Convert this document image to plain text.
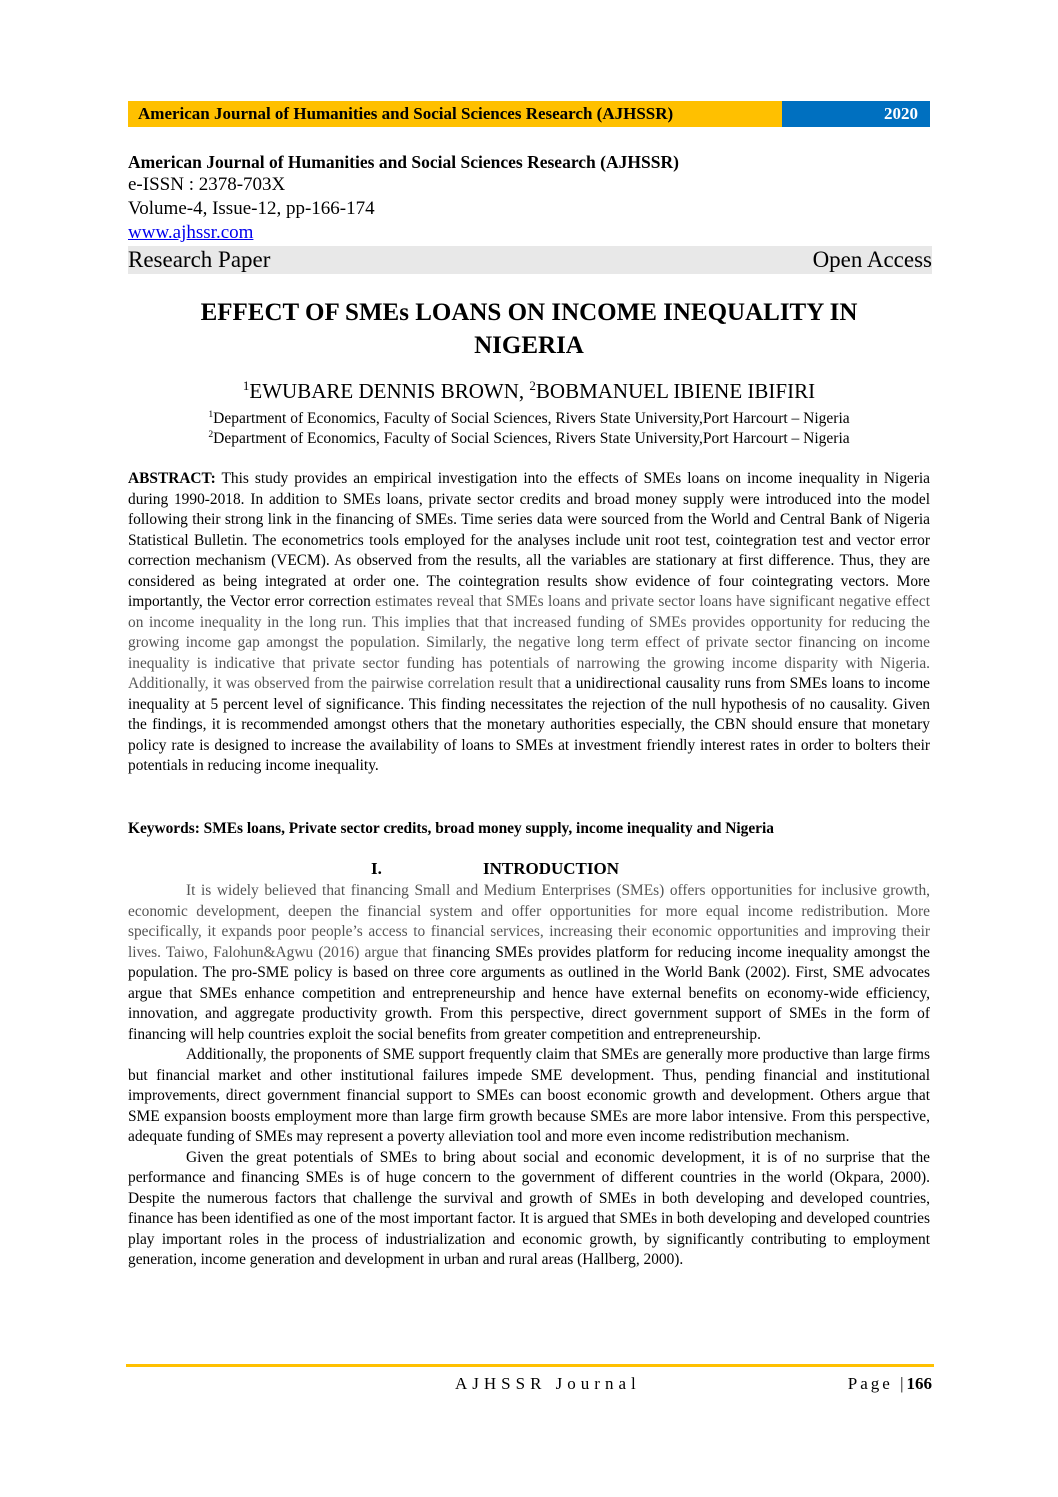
American Journal of Humanities and Social Sciences Research (AJHSSR)	2020
American Journal of Humanities and Social Sciences Research (AJHSSR)
e-ISSN : 2378-703X
Volume-4, Issue-12, pp-166-174
www.ajhssr.com
Research Paper	Open Access
EFFECT OF SMEs LOANS ON INCOME INEQUALITY IN
NIGERIA
$^1$EWUBARE DENNIS BROWN, $^2$BOBMANUEL IBIENE IBIFIRI
$^1$Department of Economics, Faculty of Social Sciences, Rivers State University,Port Harcourt – Nigeria
$^2$Department of Economics, Faculty of Social Sciences, Rivers State University,Port Harcourt – Nigeria
ABSTRACT: This study provides an empirical investigation into the effects of SMEs loans on income inequality in Nigeria during 1990-2018. In addition to SMEs loans, private sector credits and broad money supply were introduced into the model following their strong link in the financing of SMEs. Time series data were sourced from the World and Central Bank of Nigeria Statistical Bulletin. The econometrics tools employed for the analyses include unit root test, cointegration test and vector error correction mechanism (VECM). As observed from the results, all the variables are stationary at first difference. Thus, they are considered as being integrated at order one. The cointegration results show evidence of four cointegrating vectors. More importantly, the Vector error correction estimates reveal that SMEs loans and private sector loans have significant negative effect on income inequality in the long run. This implies that that increased funding of SMEs provides opportunity for reducing the growing income gap amongst the population. Similarly, the negative long term effect of private sector financing on income inequality is indicative that private sector funding has potentials of narrowing the growing income disparity with Nigeria. Additionally, it was observed from the pairwise correlation result that a unidirectional causality runs from SMEs loans to income inequality at 5 percent level of significance. This finding necessitates the rejection of the null hypothesis of no causality. Given the findings, it is recommended amongst others that the monetary authorities especially, the CBN should ensure that monetary policy rate is designed to increase the availability of loans to SMEs at investment friendly interest rates in order to bolters their potentials in reducing income inequality.
Keywords: SMEs loans, Private sector credits, broad money supply, income inequality and Nigeria
I.	INTRODUCTION

It is widely believed that financing Small and Medium Enterprises (SMEs) offers opportunities for inclusive growth, economic development, deepen the financial system and offer opportunities for more equal income redistribution. More specifically, it expands poor people’s access to financial services, increasing their economic opportunities and improving their lives. Taiwo, Falohun&Agwu (2016) argue that financing SMEs provides platform for reducing income inequality amongst the population. The pro-SME policy is based on three core arguments as outlined in the World Bank (2002). First, SME advocates argue that SMEs enhance competition and entrepreneurship and hence have external benefits on economy-wide efficiency, innovation, and aggregate productivity growth. From this perspective, direct government support of SMEs in the form of financing will help countries exploit the social benefits from greater competition and entrepreneurship.

Additionally, the proponents of SME support frequently claim that SMEs are generally more productive than large firms but financial market and other institutional failures impede SME development. Thus, pending financial and institutional improvements, direct government financial support to SMEs can boost economic growth and development. Others argue that SME expansion boosts employment more than large firm growth because SMEs are more labor intensive. From this perspective, adequate funding of SMEs may represent a poverty alleviation tool and more even income redistribution mechanism.

Given the great potentials of SMEs to bring about social and economic development, it is of no surprise that the performance and financing SMEs is of huge concern to the government of different countries in the world (Okpara, 2000). Despite the numerous factors that challenge the survival and growth of SMEs in both developing and developed countries, finance has been identified as one of the most important factor. It is argued that SMEs in both developing and developed countries play important roles in the process of industrialization and economic growth, by significantly contributing to employment generation, income generation and development in urban and rural areas (Hallberg, 2000).

AJHSSR Journal	Page |166
